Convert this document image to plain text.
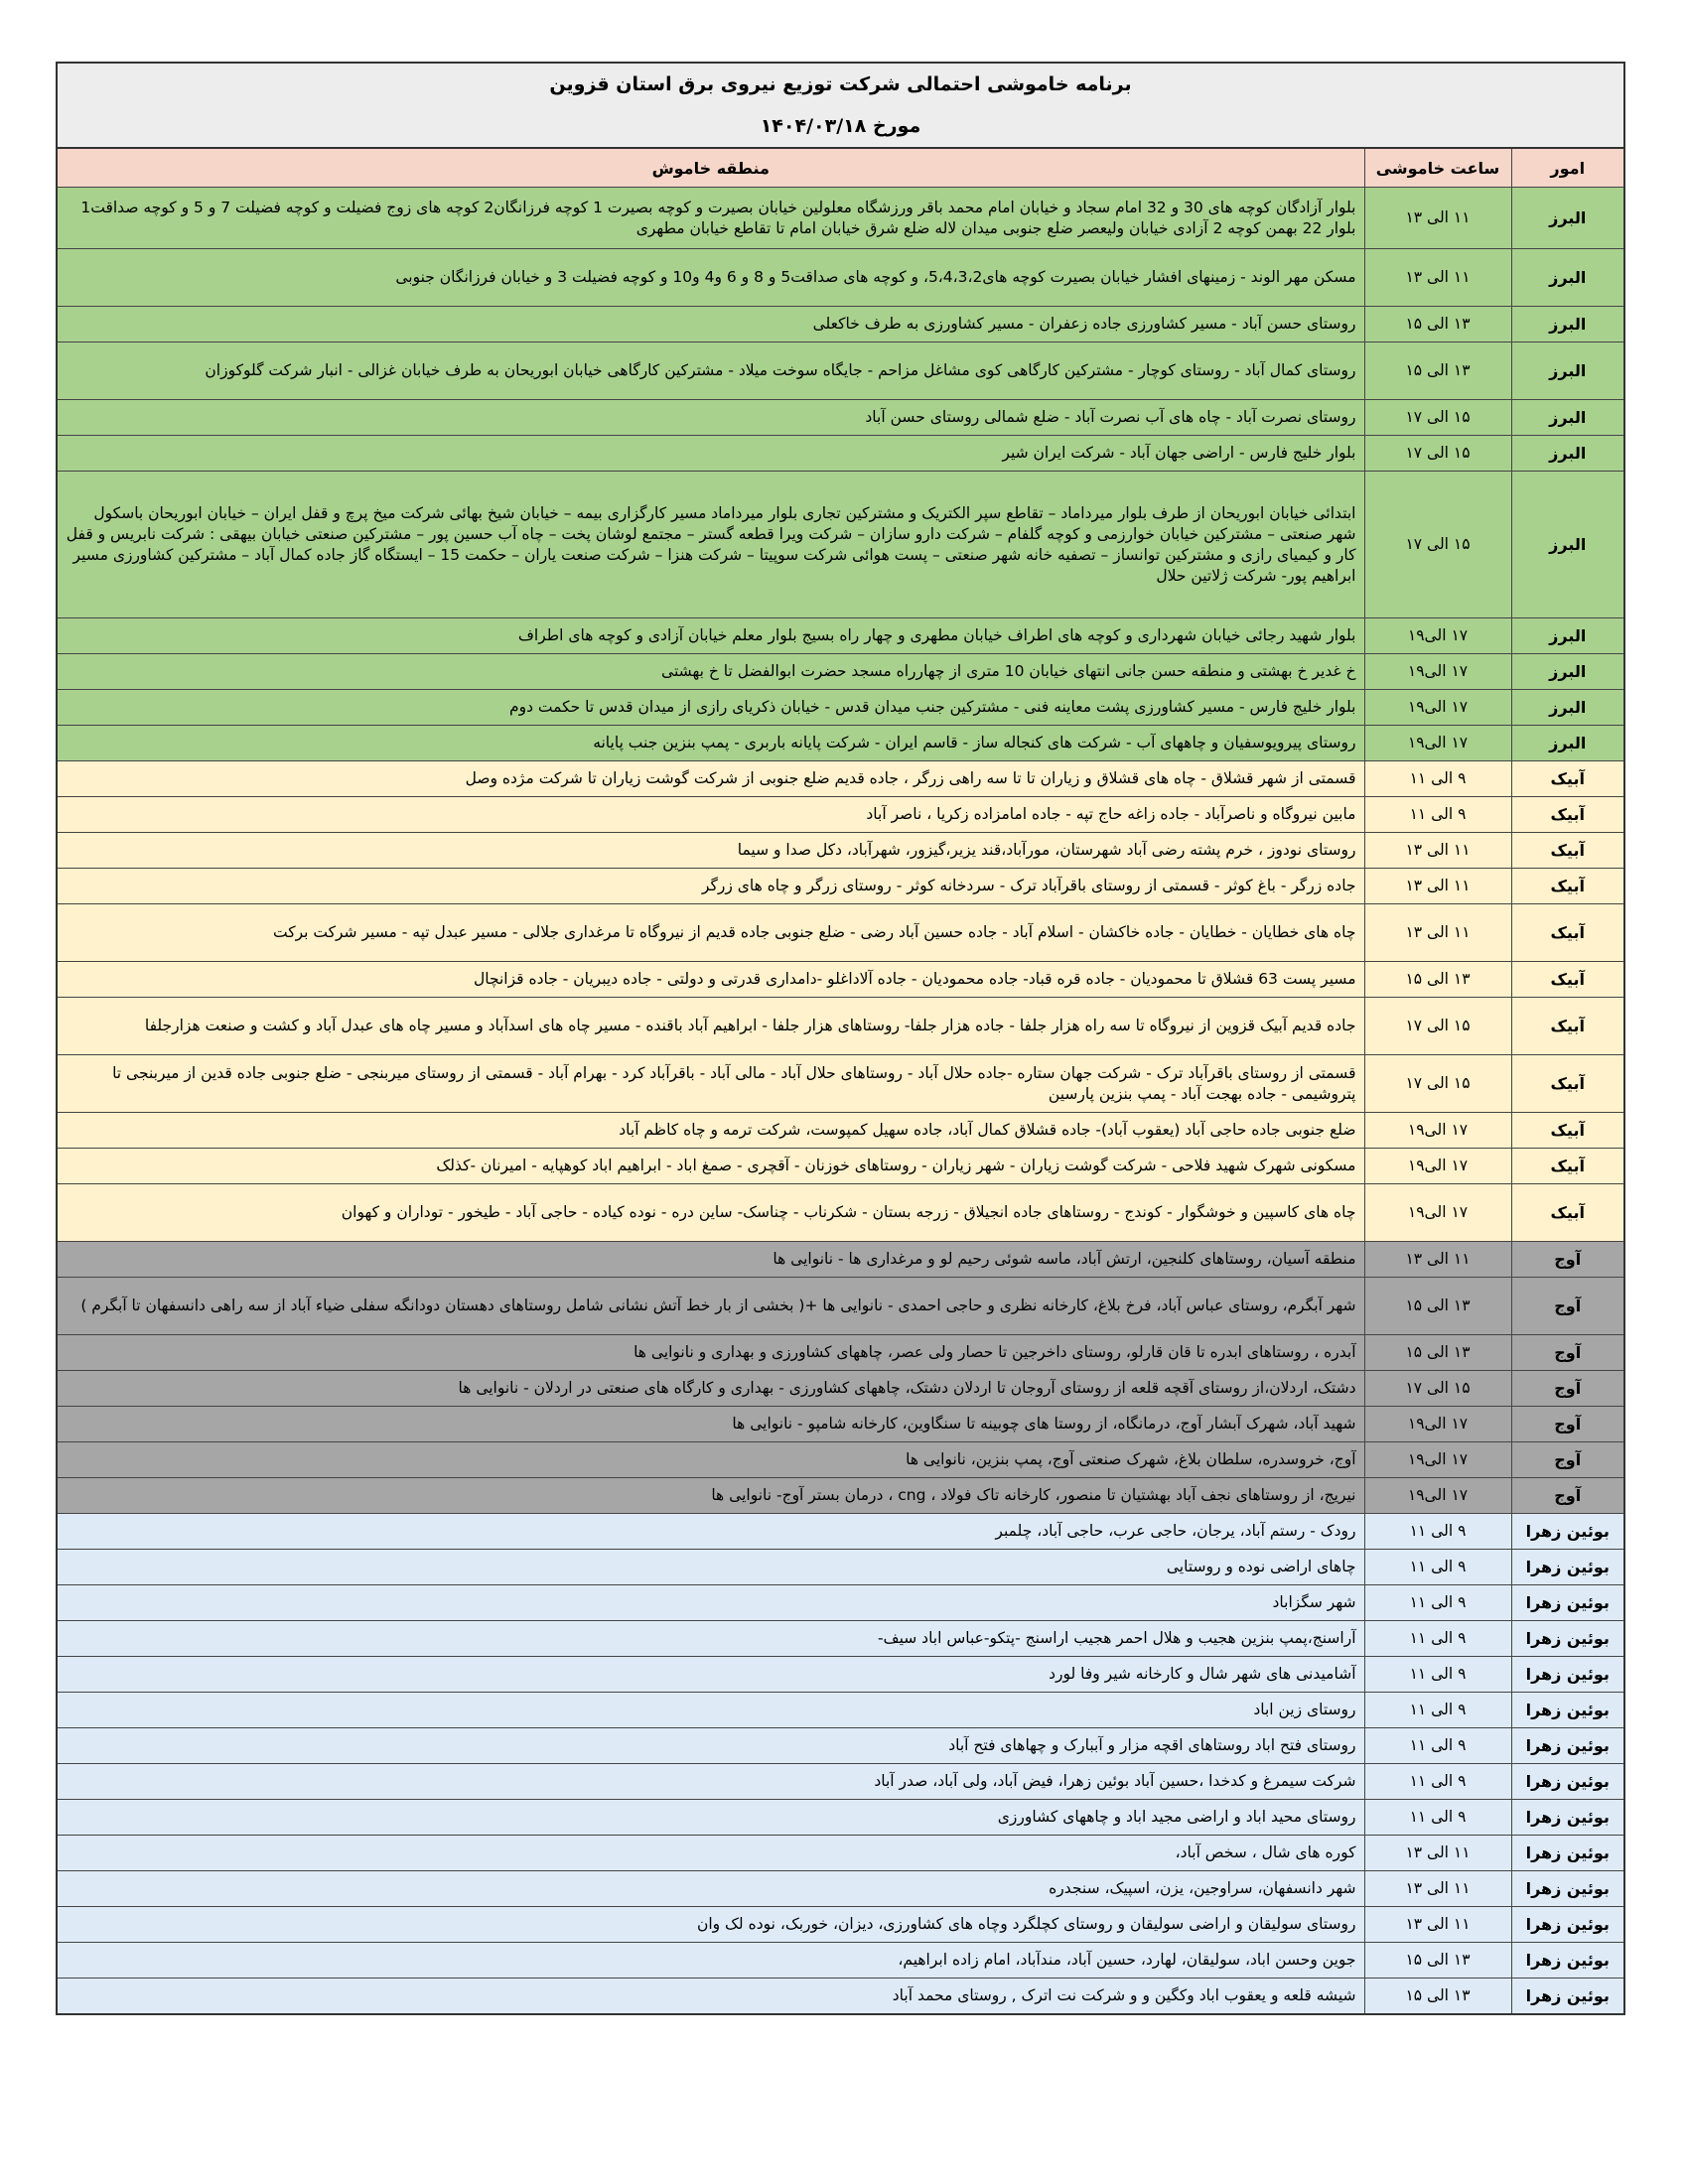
برنامه خاموشی احتمالی شرکت توزیع نیروی برق استان قزوین
مورخ ۱۴۰۴/۰۳/۱۸
امور	ساعت خاموشی	منطقه خاموش
البرز	۱۱ الی ۱۳	بلوار آزادگان کوچه های 30 و 32 امام سجاد و خیابان امام محمد باقر ورزشگاه معلولین خیابان بصیرت و کوچه بصیرت 1 کوچه فرزانگان2 کوچه های زوج فضیلت و کوچه فضیلت 7 و 5 و کوچه صداقت1 بلوار 22 بهمن کوچه 2 آزادی خیابان ولیعصر ضلع جنوبی میدان لاله ضلع شرق خیابان امام تا تقاطع خیابان مطهری
البرز	۱۱ الی ۱۳	مسکن مهر الوند - زمینهای افشار خیابان بصیرت کوچه های5،4،3،2، و کوچه های صداقت5 و 8 و 6 و4 و10 و کوچه فضیلت 3 و خیابان فرزانگان جنوبی
البرز	۱۳ الی ۱۵	روستای حسن آباد - مسیر کشاورزی جاده زعفران - مسیر کشاورزی به طرف خاکعلی
البرز	۱۳ الی ۱۵	روستای کمال آباد - روستای کوچار - مشترکین کارگاهی کوی مشاغل مزاحم - جایگاه سوخت میلاد - مشترکین کارگاهی خیابان ابوریحان به طرف خیابان غزالی - انبار شرکت گلوکوزان
البرز	۱۵ الی ۱۷	روستای نصرت آباد - چاه های آب نصرت آباد - ضلع شمالی روستای حسن آباد
البرز	۱۵ الی ۱۷	بلوار خلیج فارس - اراضی جهان آباد - شرکت ایران شیر
البرز	۱۵ الی ۱۷	ابتدائی خیابان ابوریحان از طرف بلوار میرداماد – تقاطع سپر الکتریک و مشترکین تجاری بلوار میرداماد مسیر کارگزاری بیمه – خیابان شیخ بهائی شرکت میخ پرچ و قفل ایران – خیابان ابوریحان باسکول شهر صنعتی – مشترکین خیابان خوارزمی و کوچه گلفام – شرکت دارو سازان – شرکت ویرا قطعه گستر – مجتمع لوشان پخت – چاه آب حسین پور – مشترکین صنعتی خیابان بیهقی : شرکت نابریس و قفل کار و کیمیای رازی و مشترکین توانساز – تصفیه خانه شهر صنعتی – پست هوائی شرکت سوپیتا – شرکت هنزا – شرکت صنعت یاران – حکمت 15 – ایستگاه گاز جاده کمال آباد – مشترکین کشاورزی مسیر ابراهیم پور- شرکت ژلاتین حلال
البرز	۱۷ الی۱۹	بلوار شهید رجائی خیابان شهرداری و کوچه های اطراف خیابان مطهری و چهار راه بسیج بلوار معلم خیابان آزادی و کوچه های اطراف
البرز	۱۷ الی۱۹	خ غدیر خ بهشتی و منطقه حسن جانی انتهای خیابان 10 متری از چهارراه مسجد حضرت ابوالفضل تا خ بهشتی
البرز	۱۷ الی۱۹	بلوار خلیج فارس - مسیر کشاورزی پشت معاینه فنی - مشترکین جنب میدان قدس - خیابان ذکریای رازی از میدان قدس تا حکمت دوم
البرز	۱۷ الی۱۹	روستای پیرویوسفیان و چاههای آب - شرکت های کنجاله ساز - قاسم ایران - شرکت پایانه باربری - پمپ بنزین جنب پایانه
آبیک	۹ الی ۱۱	قسمتی از شهر قشلاق - چاه های قشلاق و زیاران تا تا سه راهی زرگر ، جاده قدیم ضلع جنوبی از شرکت گوشت زیاران تا شرکت مژده وصل
آبیک	۹ الی ۱۱	مابین نیروگاه و ناصرآباد - جاده زاغه حاج تپه - جاده امامزاده زکریا ، ناصر آباد
آبیک	۱۱ الی ۱۳	روستای نودوز ، خرم پشته رضی آباد شهرستان، مورآباد،قند یزیر،گیزور، شهرآباد، دکل صدا و سیما
آبیک	۱۱ الی ۱۳	جاده زرگر - باغ کوثر - قسمتی از روستای باقرآباد ترک - سردخانه کوثر - روستای زرگر و چاه های زرگر
آبیک	۱۱ الی ۱۳	چاه های خطایان - خطایان - جاده خاکشان - اسلام آباد - جاده حسین آباد رضی - ضلع جنوبی جاده قدیم از نیروگاه تا مرغداری جلالی - مسیر عبدل تپه - مسیر شرکت برکت
آبیک	۱۳ الی ۱۵	مسیر پست 63 قشلاق تا محمودیان - جاده قره قباد- جاده محمودیان - جاده آلاداغلو -دامداری قدرتی و دولتی - جاده دیبریان - جاده قزانچال
آبیک	۱۵ الی ۱۷	جاده قدیم آبیک قزوین از نیروگاه تا سه راه هزار جلفا - جاده هزار جلفا- روستاهای هزار جلفا - ابراهیم آباد باقنده - مسیر چاه های اسدآباد و مسیر چاه های عبدل آباد و کشت و صنعت هزارجلفا
آبیک	۱۵ الی ۱۷	قسمتی از روستای باقرآباد ترک - شرکت جهان ستاره -جاده حلال آباد - روستاهای حلال آباد - مالی آباد - باقرآباد کرد - بهرام آباد - قسمتی از روستای میربنجی - ضلع جنوبی جاده قدین از میربنجی تا پتروشیمی - جاده بهجت آباد - پمپ بنزین پارسین
آبیک	۱۷ الی۱۹	ضلع جنوبی جاده حاجی آباد (یعقوب آباد)- جاده قشلاق کمال آباد، جاده سهیل کمپوست، شرکت ترمه و چاه کاظم آباد
آبیک	۱۷ الی۱۹	مسکونی شهرک شهید فلاحی - شرکت گوشت زیاران - شهر زیاران - روستاهای خوزنان - آقچری - صمغ اباد - ابراهیم اباد کوهپایه - امیرنان -کذلک
آبیک	۱۷ الی۱۹	چاه های کاسپین و خوشگوار - کوندج - روستاهای جاده انجیلاق - زرجه بستان - شکرناب - چناسک- ساین دره - نوده کیاده - حاجی آباد - طیخور - توداران و کهوان
آوج	۱۱ الی ۱۳	منطقه آسیان، روستاهای کلنجین، ارتش آباد، ماسه شوئی رحیم لو و مرغداری ها - نانوایی ها
آوج	۱۳ الی ۱۵	شهر آبگرم، روستای عباس آباد، فرخ بلاغ، کارخانه نظری و حاجی احمدی - نانوایی ها +( بخشی از بار خط آتش نشانی شامل روستاهای دهستان دودانگه سفلی ضیاء آباد از سه راهی دانسفهان تا آبگرم )
آوج	۱۳ الی ۱۵	آبدره ، روستاهای ابدره تا قان قارلو، روستای داخرجین تا حصار ولی عصر، چاههای کشاورزی و بهداری و نانوایی ها
آوج	۱۵ الی ۱۷	دشتک، اردلان،از روستای آقچه قلعه از روستای آروجان تا اردلان دشتک، چاههای کشاورزی - بهداری و کارگاه های صنعتی در اردلان - نانوایی ها
آوج	۱۷ الی۱۹	شهید آباد، شهرک آبشار آوج، درمانگاه، از روستا های چوبینه تا سنگاوین، کارخانه شامپو - نانوایی ها
آوج	۱۷ الی۱۹	آوج، خروسدره، سلطان بلاغ، شهرک صنعتی آوج، پمپ بنزین، نانوایی ها
آوج	۱۷ الی۱۹	نیریج، از روستاهای نجف آباد بهشتیان تا منصور، کارخانه تاک فولاد ، cng ، درمان بستر آوج- نانوایی ها
بوئین زهرا	۹ الی ۱۱	رودک - رستم آباد، یرجان، حاجی عرب، حاجی آباد، چلمبر
بوئین زهرا	۹ الی ۱۱	چاهای اراضی نوده و روستایی
بوئین زهرا	۹ الی ۱۱	شهر سگزاباد
بوئین زهرا	۹ الی ۱۱	آراسنج،پمپ بنزین هجیب و هلال احمر هجیب اراسنج -پتکو-عباس اباد سیف-
بوئین زهرا	۹ الی ۱۱	آشامیدنی های شهر شال و کارخانه شیر وفا لورد
بوئین زهرا	۹ الی ۱۱	روستای زین اباد
بوئین زهرا	۹ الی ۱۱	روستای فتح اباد روستاهای اقچه مزار و آببارک و چهاهای فتح آباد
بوئین زهرا	۹ الی ۱۱	شرکت سیمرغ و کدخدا ،حسین آباد بوئین زهرا، فیض آباد، ولی آباد، صدر آباد
بوئین زهرا	۹ الی ۱۱	روستای محید اباد و اراضی مجید اباد و چاههای کشاورزی
بوئین زهرا	۱۱ الی ۱۳	کوره های شال ، سخص آباد،
بوئین زهرا	۱۱ الی ۱۳	شهر دانسفهان، سراوجین، یزن، اسپیک، سنجدره
بوئین زهرا	۱۱ الی ۱۳	روستای سولیقان و اراضی سولیقان و روستای کچلگرد وچاه های کشاورزی، دیزان، خوربک، نوده لک وان
بوئین زهرا	۱۳ الی ۱۵	جوین وحسن اباد، سولیقان، لهارد، حسین آباد، مندآباد، امام زاده ابراهیم،
بوئین زهرا	۱۳ الی ۱۵	شیشه قلعه و یعقوب اباد وکگین و و شرکت نت اترک , روستای محمد آباد
